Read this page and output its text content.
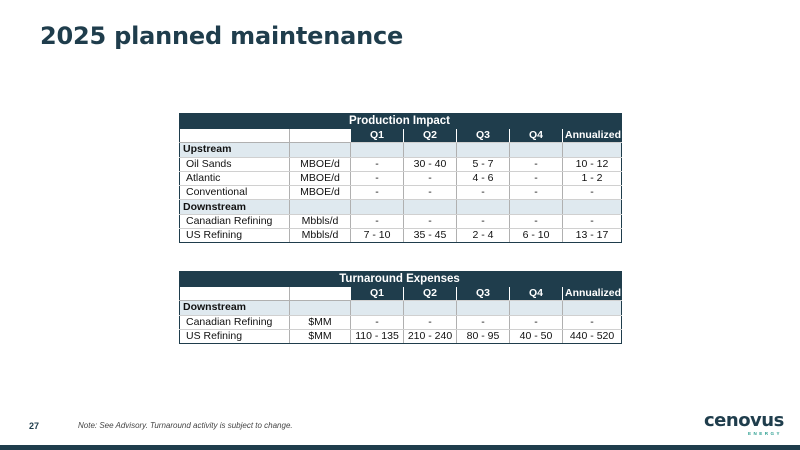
2025 planned maintenance
Production Impact						
		Q1	Q2	Q3	Q4	Annualized
Upstream						
Oil Sands	MBOE/d	-	30 - 40	5 - 7	-	10 - 12
Atlantic	MBOE/d	-	-	4 - 6	-	1 - 2
Conventional	MBOE/d	-	-	-	-	-
Downstream						
Canadian Refining	Mbbls/d	-	-	-	-	-
US Refining	Mbbls/d	7 - 10	35 - 45	2 - 4	6 - 10	13 - 17
Turnaround Expenses						
		Q1	Q2	Q3	Q4	Annualized
Downstream						
Canadian Refining	$MM	-	-	-	-	-
US Refining	$MM	110 - 135	210 - 240	80 - 95	40 - 50	440 - 520
27	Note: See Advisory. Turnaround activity is subject to change.	cenovus
ENERGY
